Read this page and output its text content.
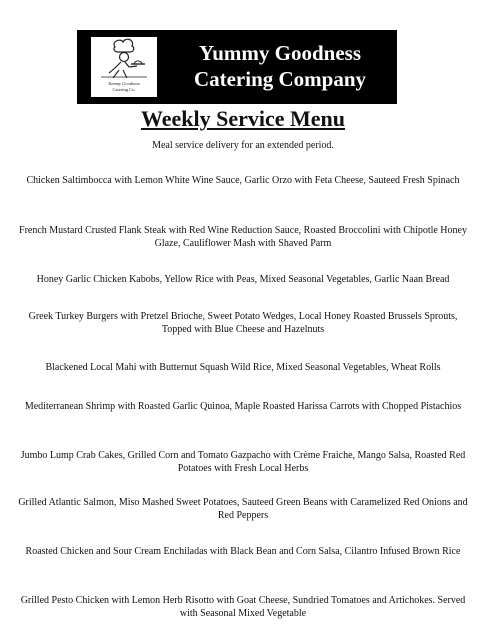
Yummy Goodness
Catering Co.
Yummy Goodness
Catering Company
Weekly Service Menu
Meal service delivery for an extended period.
Chicken Saltimbocca with Lemon White Wine Sauce, Garlic Orzo with Feta Cheese, Sauteed Fresh Spinach
French Mustard Crusted Flank Steak with Red Wine Reduction Sauce, Roasted Broccolini with Chipotle Honey Glaze, Cauliflower Mash with Shaved Parm
Honey Garlic Chicken Kabobs, Yellow Rice with Peas, Mixed Seasonal Vegetables, Garlic Naan Bread
Greek Turkey Burgers with Pretzel Brioche, Sweet Potato Wedges, Local Honey Roasted Brussels Sprouts, Topped with Blue Cheese and Hazelnuts
Blackened Local Mahi with Butternut Squash Wild Rice, Mixed Seasonal Vegetables, Wheat Rolls
Mediterranean Shrimp with Roasted Garlic Quinoa, Maple Roasted Harissa Carrots with Chopped Pistachios
Jumbo Lump Crab Cakes, Grilled Corn and Tomato Gazpacho with Crème Fraiche, Mango Salsa, Roasted Red Potatoes with Fresh Local Herbs
Grilled Atlantic Salmon, Miso Mashed Sweet Potatoes, Sauteed Green Beans with Caramelized Red Onions and Red Peppers
Roasted Chicken and Sour Cream Enchiladas with Black Bean and Corn Salsa, Cilantro Infused Brown Rice
Grilled Pesto Chicken with Lemon Herb Risotto with Goat Cheese, Sundried Tomatoes and Artichokes. Served with Seasonal Mixed Vegetable
